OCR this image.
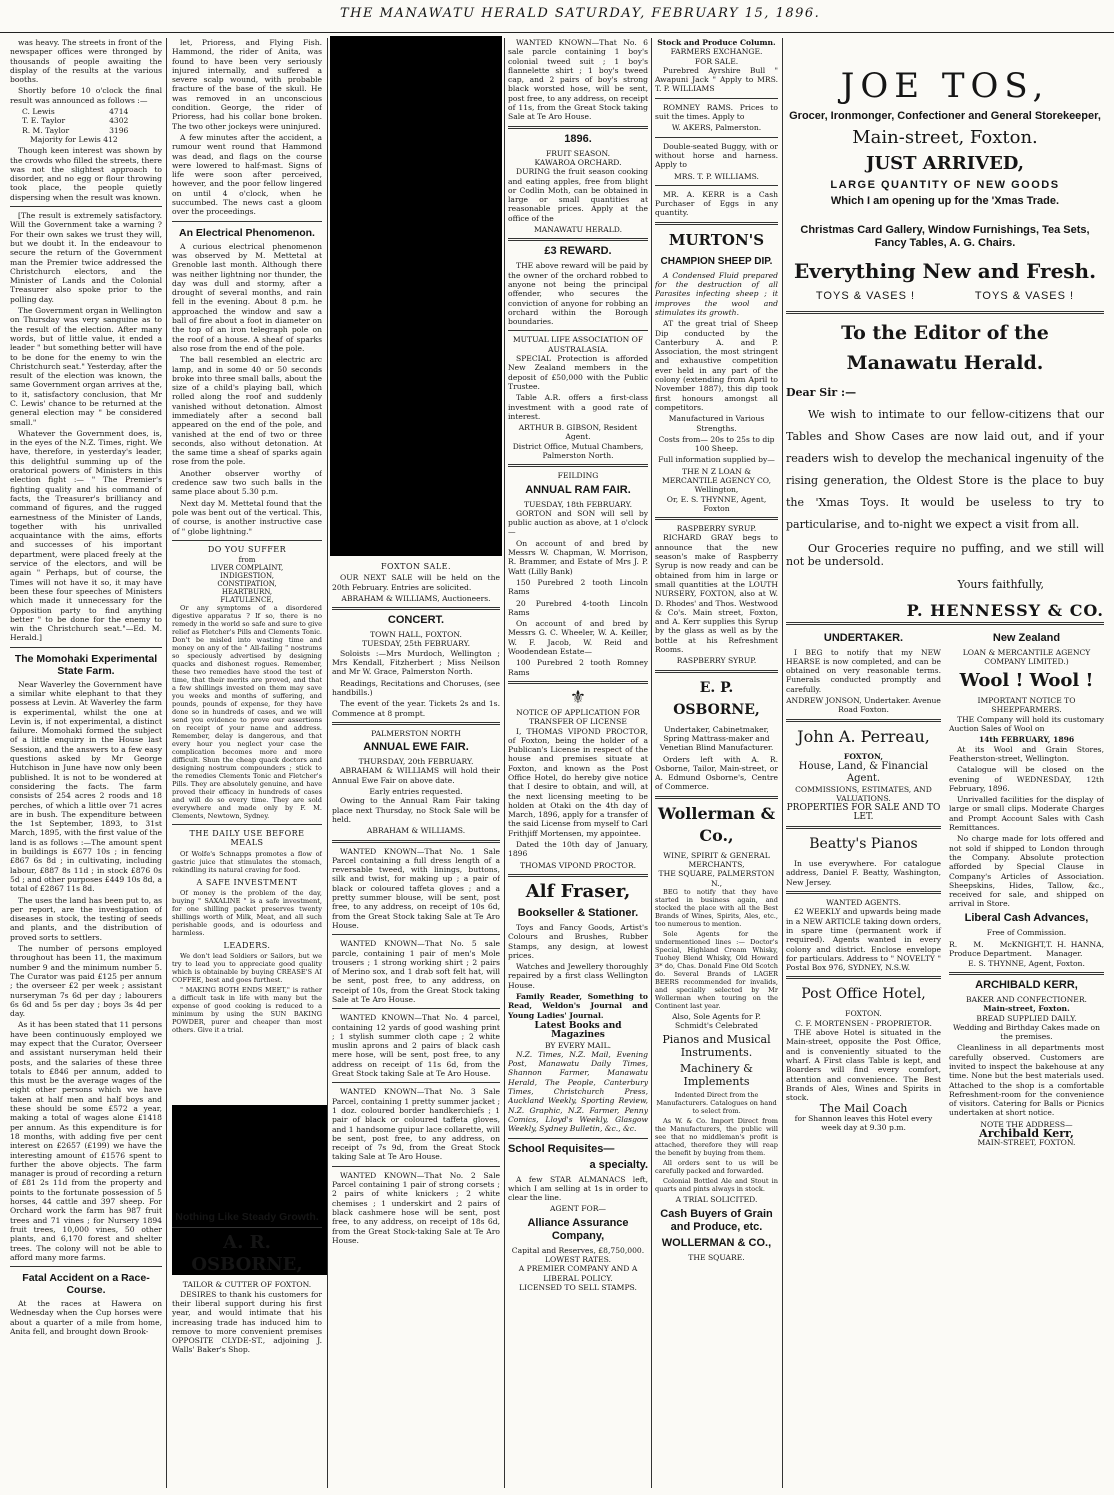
THE MANAWATU HERALD SATURDAY, FEBRUARY 15, 1896.

was heavy. The streets in front of the newspaper offices were thronged by thousands of people awaiting the display of the results at the various booths.

Shortly before 10 o'clock the final result was announced as follows :—

C. Lewis	4714
T. E. Taylor	4302
R. M. Taylor	3196

Majority for Lewis 412

Though keen interest was shown by the crowds who filled the streets, there was not the slightest approach to disorder, and no egg or flour throwing took place, the people quietly dispersing when the result was known.

[The result is extremely satisfactory. Will the Government take a warning ? For their own sakes we trust they will, but we doubt it. In the endeavour to secure the return of the Government man the Premier twice addressed the Christchurch electors, and the Minister of Lands and the Colonial Treasurer also spoke prior to the polling day.

The Government organ in Wellington on Thursday was very sanguine as to the result of the election. After many words, but of little value, it ended a leader " but something better will have to be done for the enemy to win the Christchurch seat." Yesterday, after the result of the election was known, the same Government organ arrives at the, to it, satisfactory conclusion, that Mr C. Lewis' chance to be returned at the general election may " be considered small."

Whatever the Government does, is, in the eyes of the N.Z. Times, right. We have, therefore, in yesterday's leader, this delightful summing up of the oratorical powers of Ministers in this election fight :— " The Premier's fighting quality and his command of facts, the Treasurer's brilliancy and command of figures, and the rugged earnestness of the Minister of Lands, together with his unrivalled acquaintance with the aims, efforts and successes of his important department, were placed freely at the service of the electors, and will be again " Perhaps, but of course, the Times will not have it so, it may have been these four speeches of Ministers which made it unnecessary for the Opposition party to find anything better " to be done for the enemy to win the Christchurch seat."—Ed. M. Herald.]

The Momohaki Experimental State Farm.

Near Waverley the Government have a similar white elephant to that they possess at Levin. At Waverley the farm is experimental, whilst the one at Levin is, if not experimental, a distinct failure. Momohaki formed the subject of a little enquiry in the House last Session, and the answers to a few easy questions asked by Mr George Hutchison in June have now only been published. It is not to be wondered at considering the facts. The farm consists of 254 acres 2 roods and 18 perches, of which a little over 71 acres are in bush. The expenditure between the 1st September, 1893, to 31st March, 1895, with the first value of the land is as follows :—The amount spent in buildings is £677 10s ; in fencing £867 6s 8d ; in cultivating, including labour, £887 8s 11d ; in stock £876 0s 5d ; and other purposes £449 10s 8d, a total of £2867 11s 8d.

The uses the land has been put to, as per report, are the investigation of diseases in stock, the testing of seeds and plants, and the distribution of proved sorts to settlers.

The number of persons employed throughout has been 11, the maximum number 9 and the minimum number 5. The Curator was paid £125 per annum ; the overseer £2 per week ; assistant nurseryman 7s 6d per day ; labourers 6s 6d and 5s per day ; boys 3s 4d per day.

As it has been stated that 11 persons have been continuously employed we may expect that the Curator, Overseer and assistant nurseryman held their posts, and the salaries of these three totals to £846 per annum, added to this must be the average wages of the eight other persons which we have taken at half men and half boys and these should be some £572 a year, making a total of wages alone £1418 per annum. As this expenditure is for 18 months, with adding five per cent interest on £2657 (£199) we have the interesting amount of £1576 spent to further the above objects. The farm manager is proud of recording a return of £81 2s 11d from the property and points to the fortunate possession of 5 horses, 44 cattle and 397 sheep. For Orchard work the farm has 987 fruit trees and 71 vines ; for Nursery 1894 fruit trees, 10,000 vines, 50 other plants, and 6,170 forest and shelter trees. The colony will not be able to afford many more farms.

Fatal Accident on a Race-Course.

At the races at Hawera on Wednesday when the Cup horses were about a quarter of a mile from home, Anita fell, and brought down Brook-

let, Prioress, and Flying Fish. Hammond, the rider of Anita, was found to have been very seriously injured internally, and suffered a severe scalp wound, with probable fracture of the base of the skull. He was removed in an unconscious condition. George, the rider of Prioress, had his collar bone broken. The two other jockeys were uninjured.

A few minutes after the accident, a rumour went round that Hammond was dead, and flags on the course were lowered to half-mast. Signs of life were soon after perceived, however, and the poor fellow lingered on until 4 o'clock, when he succumbed. The news cast a gloom over the proceedings.

An Electrical Phenomenon.

A curious electrical phenomenon was observed by M. Mettetal at Grenoble last month. Although there was neither lightning nor thunder, the day was dull and stormy, after a drought of several months, and rain fell in the evening. About 8 p.m. he approached the window and saw a ball of fire about a foot in diameter on the top of an iron telegraph pole on the roof of a house. A sheaf of sparks also rose from the end of the pole.

The ball resembled an electric arc lamp, and in some 40 or 50 seconds broke into three small balls, about the size of a child's playing ball, which rolled along the roof and suddenly vanished without detonation. Almost immediately after a second ball appeared on the end of the pole, and vanished at the end of two or three seconds, also without detonation. At the same time a sheaf of sparks again rose from the pole.

Another observer worthy of credence saw two such balls in the same place about 5.30 p.m.

Next day M. Mettetal found that the pole was bent out of the vertical. This, of course, is another instructive case of " globe lightning."

DO YOU SUFFER
from
LIVER COMPLAINT,
INDIGESTION,
CONSTIPATION,
HEARTBURN,
FLATULENCE,

Or any symptoms of a disordered digestive apparatus ? If so, there is no remedy in the world so safe and sure to give relief as Fletcher's Pills and Clements Tonic. Don't be misled into wasting time and money on any of the " All-failing " nostrums so speciously advertised by designing quacks and dishonest rogues. Remember, these two remedies have stood the test of time, that their merits are proved, and that a few shillings invested on them may save you weeks and months of suffering, and pounds, pounds of expense, for they have done so in hundreds of cases, and we will send you evidence to prove our assertions on receipt of your name and address. Remember, delay is dangerous, and that every hour you neglect your case the complication becomes more and more difficult. Shun the cheap quack doctors and designing nostrum compounders ; stick to the remedies Clements Tonic and Fletcher's Pills. They are absolutely genuine, and have proved their efficacy in hundreds of cases and will do so every time. They are sold everywhere and made only by F. M. Clements, Newtown, Sydney.

THE DAILY USE BEFORE MEALS

Of Wolfe's Schnapps promotes a flow of gastric juice that stimulates the stomach, rekindling its natural craving for food.

A SAFE INVESTMENT

Of money is the problem of the day, buying " SAXALINE " is a safe investment, for one shilling packet preserves twenty shillings worth of Milk, Meat, and all such perishable goods, and is odourless and harmless.

LEADERS.

We don't lead Soldiers or Sailors, but we try to lead you to appreciate good quality which is obtainable by buying CREASE'S AI COFFEE, best and goes furthest.

" MAKING BOTH ENDS MEET," is rather a difficult task in life with many but the expense of good cooking is reduced to a minimum by using the SUN BAKING POWDER, purer and cheaper than most others. Give it a trial.

Nothing Like Steady Growth.
A. R. OSBORNE,
TAILOR & CUTTER OF FOXTON.

DESIRES to thank his customers for their liberal support during his first year, and would intimate that his increasing trade has induced him to remove to more convenient premises OPPOSITE CLYDE-ST., adjoining J. Walls' Baker's Shop.

FOXTON SALE.

OUR NEXT SALE will be held on the 20th February. Entries are solicited.

ABRAHAM & WILLIAMS, Auctioneers.
CONCERT.
TOWN HALL, FOXTON.
TUESDAY, 25th FEBRUARY.

Soloists :—Mrs Murdoch, Wellington ; Mrs Kendall, Fitzherbert ; Miss Neilson and Mr W. Grace, Palmerston North.

Readings, Recitations and Choruses, (see handbills.)

The event of the year. Tickets 2s and 1s. Commence at 8 prompt.

PALMERSTON NORTH
ANNUAL EWE FAIR.
THURSDAY, 20th FEBRUARY.

ABRAHAM & WILLIAMS will hold their Annual Ewe Fair on above date.

Early entries requested.

Owing to the Annual Ram Fair taking place next Thursday, no Stock Sale will be held.

ABRAHAM & WILLIAMS.

WANTED KNOWN—That No. 1 Sale Parcel containing a full dress length of a reversable tweed, with linings, buttons, silk and twist, for making up ; a pair of black or coloured taffeta gloves ; and a pretty summer blouse, will be sent, post free, to any address, on receipt of 10s 6d, from the Great Stock taking Sale at Te Aro House.

WANTED KNOWN—That No. 5 sale parcle, containing 1 pair of men's Mole trousers ; 1 strong working shirt ; 2 pairs of Merino sox, and 1 drab soft felt hat, will be sent, post free, to any address, on receipt of 10s, from the Great Stock taking Sale at Te Aro House.

WANTED KNOWN—That No. 4 parcel, containing 12 yards of good washing print ; 1 stylish summer cloth cape ; 2 white muslin aprons and 2 pairs of black cash mere hose, will be sent, post free, to any address on receipt of 11s 6d, from the Great Stock taking Sale at Te Aro House.

WANTED KNOWN—That No. 3 Sale Parcel, containing 1 pretty summer jacket ; 1 doz. coloured border handkerchiefs ; 1 pair of black or coloured taffeta gloves, and 1 handsome guipur lace collarette, will be sent, post free, to any address, on receipt of 7s 9d, from the Great Stock taking Sale at Te Aro House.

WANTED KNOWN—That No. 2 Sale Parcel containing 1 pair of strong corsets ; 2 pairs of white knickers ; 2 white chemises ; 1 underskirt and 2 pairs of black cashmere hose will be sent, post free, to any address, on receipt of 18s 6d, from the Great Stock-taking Sale at Te Aro House.

WANTED KNOWN—That No. 6 sale parcle containing 1 boy's colonial tweed suit ; 1 boy's flannelette shirt ; 1 boy's tweed cap, and 2 pairs of boy's strong black worsted hose, will be sent, post free, to any address, on receipt of 11s, from the Great Stock taking Sale at Te Aro House.

1896.
FRUIT SEASON.
KAWAROA ORCHARD.

DURING the fruit season cooking and eating apples, free from blight or Codlin Moth, can be obtained in large or small quantities at reasonable prices. Apply at the office of the

MANAWATU HERALD.
£3 REWARD.

THE above reward will be paid by the owner of the orchard robbed to anyone not being the principal offender, who secures the conviction of anyone for robbing an orchard within the Borough boundaries.

MUTUAL LIFE ASSOCIATION OF AUSTRALASIA.

SPECIAL Protection is afforded New Zealand members in the deposit of £50,000 with the Public Trustee.

Table A.R. offers a first-class investment with a good rate of interest.

ARTHUR B. GIBSON, Resident Agent.
District Office, Mutual Chambers, Palmerston North.
FEILDING
ANNUAL RAM FAIR.
TUESDAY, 18th FEBRUARY.

GORTON and SON will sell by public auction as above, at 1 o'clock—

On account of and bred by Messrs W. Chapman, W. Morrison, R. Brammer, and Estate of Mrs J. P. Watt (Lilly Bank)

150 Purebred 2 tooth Lincoln Rams

20 Purebred 4-tooth Lincoln Rams

On account of and bred by Messrs G. C. Wheeler, W. A. Keiller, W. F. Jacob, W. Reid and Woodendean Estate—

100 Purebred 2 tooth Romney Rams

⚜
NOTICE OF APPLICATION FOR TRANSFER OF LICENSE

I, THOMAS VIPOND PROCTOR, of Foxton, being the holder of a Publican's License in respect of the house and premises situate at Foxton, and known as the Post Office Hotel, do hereby give notice that I desire to obtain, and will, at the next licensing meeting to be holden at Otaki on the 4th day of March, 1896, apply for a transfer of the said License from myself to Carl Frithjiff Mortensen, my appointee.

Dated the 10th day of January, 1896

THOMAS VIPOND PROCTOR.
Alf Fraser,
Bookseller & Stationer.

Toys and Fancy Goods, Artist's Colours and Brushes, Rubber Stamps, any design, at lowest prices.

Watches and Jewellery thoroughly repaired by a first class Wellington House.

Family Reader, Something to Read, Weldon's Journal and Young Ladies' Journal.

Latest Books and Magazines
BY EVERY MAIL.

N.Z. Times, N.Z. Mail, Evening Post, Manawatu Daily Times, Shannon Farmer, Manawatu Herald, The People, Canterbury Times, Christchurch Press, Auckland Weekly, Sporting Review, N.Z. Graphic, N.Z. Farmer, Penny Comics, Lloyd's Weekly, Glasgow Weekly, Sydney Bulletin, &c., &c.

School Requisites—
a specialty.

A few STAR ALMANACS left, which I am selling at 1s in order to clear the line.

AGENT FOR—
Alliance Assurance Company,
Capital and Reserves, £8,750,000. LOWEST RATES.
A PREMIER COMPANY AND A LIBERAL POLICY.
LICENSED TO SELL STAMPS.
Stock and Produce Column.
FARMERS EXCHANGE.
FOR SALE.

Purebred Ayrshire Bull " Awapuni Jack " Apply to MRS. T. P. WILLIAMS

ROMNEY RAMS. Prices to suit the times. Apply to

W. AKERS, Palmerston.

Double-seated Buggy, with or without horse and harness. Apply to

MRS. T. P. WILLIAMS.

MR. A. KERR is a Cash Purchaser of Eggs in any quantity.

MURTON'S
CHAMPION SHEEP DIP.

A Condensed Fluid prepared for the destruction of all Parasites infecting sheep ; it improves the wool and stimulates its growth.

AT the great trial of Sheep Dip conducted by the Canterbury A. and P. Association, the most stringent and exhaustive competition ever held in any part of the colony (extending from April to November 1887), this dip took first honours amongst all competitors.

Manufactured in Various Strengths.

Costs from— 20s to 25s to dip 100 Sheep.

Full information supplied by—

THE N Z LOAN & MERCANTILE AGENCY CO,
Wellington,
Or, E. S. THYNNE, Agent, Foxton
RASPBERRY SYRUP.

RICHARD GRAY begs to announce that the new season's make of Raspberry Syrup is now ready and can be obtained from him in large or small quantities at the LOUTH NURSERY, FOXTON, also at W. D. Rhodes' and Thos. Westwood & Co's. Main street, Foxton, and A. Kerr supplies this Syrup by the glass as well as by the bottle at his Refreshment Rooms.

RASPBERRY SYRUP.
E. P. OSBORNE,

Undertaker, Cabinetmaker, Spring Mattrass-maker and Venetian Blind Manufacturer.

Orders left with A. R. Osborne, Tailor, Main-street, or A. Edmund Osborne's, Centre of Commerce.

Wollerman & Co.,
WINE, SPIRIT & GENERAL MERCHANTS,
THE SQUARE, PALMERSTON N.,

BEG to notify that they have started in business again, and stocked the place with all the Best Brands of Wines, Spirits, Ales, etc., too numerous to mention.

Sole Agents for the undermentioned lines :— Doctor's Special, Highland Cream Whisky, Tuohey Blend Whisky, Old Howard 3* do, Chas. Donald Fine Old Scotch do. Several Brands of LAGER BEERS recommended for invalids, and specially selected by Mr Wollerman when touring on the Continent last year.

Also, Sole Agents for P. Schmidt's Celebrated

Pianos and Musical Instruments.
Machinery & Implements

Indented Direct from the Manufacturers. Catalogues on hand to select from.

As W. & Co. Import Direct from the Manufacturers, the public will see that no middleman's profit is attached, therefore they will reap the benefit by buying from them.

All orders sent to us will be carefully packed and forwarded.

Colonial Bottled Ale and Stout in quarts and pints always in stock.

A TRIAL SOLICITED.
Cash Buyers of Grain and Produce, etc.
WOLLERMAN & CO.,
THE SQUARE.
JOE TOS,
Grocer, Ironmonger, Confectioner and General Storekeeper,
Main-street, Foxton.
JUST ARRIVED,
LARGE QUANTITY OF NEW GOODS
Which I am opening up for the 'Xmas Trade.
Christmas Card Gallery, Window Furnishings, Tea Sets, Fancy Tables, A. G. Chairs.
Everything New and Fresh.
TOYS & VASES !	TOYS & VASES !
To the Editor of the Manawatu Herald.
Dear Sir :—

We wish to intimate to our fellow-citizens that our Tables and Show Cases are now laid out, and if your readers wish to develop the mechanical ingenuity of the rising generation, the Oldest Store is the place to buy the 'Xmas Toys. It would be useless to try to particularise, and to-night we expect a visit from all.

Our Groceries require no puffing, and we still will not be undersold.

Yours faithfully,
P. HENNESSY & CO.
UNDERTAKER.

I BEG to notify that my NEW HEARSE is now completed, and can be obtained on very reasonable terms. Funerals conducted promptly and carefully.

ANDREW JONSON, Undertaker. Avenue Road Foxton.
John A. Perreau,
FOXTON,
House, Land, & Financial Agent.
COMMISSIONS, ESTIMATES, AND VALUATIONS.
PROPERTIES FOR SALE AND TO LET.
Beatty's Pianos

In use everywhere. For catalogue address, Daniel F. Beatty, Washington, New Jersey.

WANTED AGENTS.

£2 WEEKLY and upwards being made in a NEW ARTICLE taking down orders, in spare time (permanent work if required). Agents wanted in every colony and district. Enclose envelope for particulars. Address to " NOVELTY " Postal Box 976, SYDNEY, N.S.W.

Post Office Hotel,
FOXTON.
C. F. MORTENSEN - PROPRIETOR.

THE above Hotel is situated in the Main-street, opposite the Post Office, and is conveniently situated to the wharf. A First class Table is kept, and Boarders will find every comfort, attention and convenience. The Best Brands of Ales, Wines and Spirits in stock.

The Mail Coach
for Shannon leaves this Hotel every week day at 9.30 p.m.
New Zealand
LOAN & MERCANTILE AGENCY COMPANY LIMITED.)
Wool ! Wool !
IMPORTANT NOTICE TO SHEEPFARMERS.

THE Company will hold its customary Auction Sales of Wool on

14th FEBRUARY, 1896

At its Wool and Grain Stores, Featherston-street, Wellington.

Catalogue will be closed on the evening of WEDNESDAY, 12th February, 1896.

Unrivalled facilities for the display of large or small clips. Moderate Charges and Prompt Account Sales with Cash Remittances.

No charge made for lots offered and not sold if shipped to London through the Company. Absolute protection afforded by Special Clause in Company's Articles of Association. Sheepskins, Hides, Tallow, &c., received for sale, and shipped on arrival in Store.

Liberal Cash Advances,
Free of Commission.
R. M. McKNIGHT, Produce Department.
T. H. HANNA, Manager.
E. S. THYNNE, Agent, Foxton.
ARCHIBALD KERR,
BAKER AND CONFECTIONER.
Main-street, Foxton.
BREAD SUPPLIED DAILY.

Wedding and Birthday Cakes made on the premises.

Cleanliness in all departments most carefully observed. Customers are invited to inspect the bakehouse at any time. None but the best materials used. Attached to the shop is a comfortable Refreshment-room for the convenience of visitors. Catering for Balls or Picnics undertaken at short notice.

NOTE THE ADDRESS—
Archibald Kerr,
MAIN-STREET, FOXTON.
